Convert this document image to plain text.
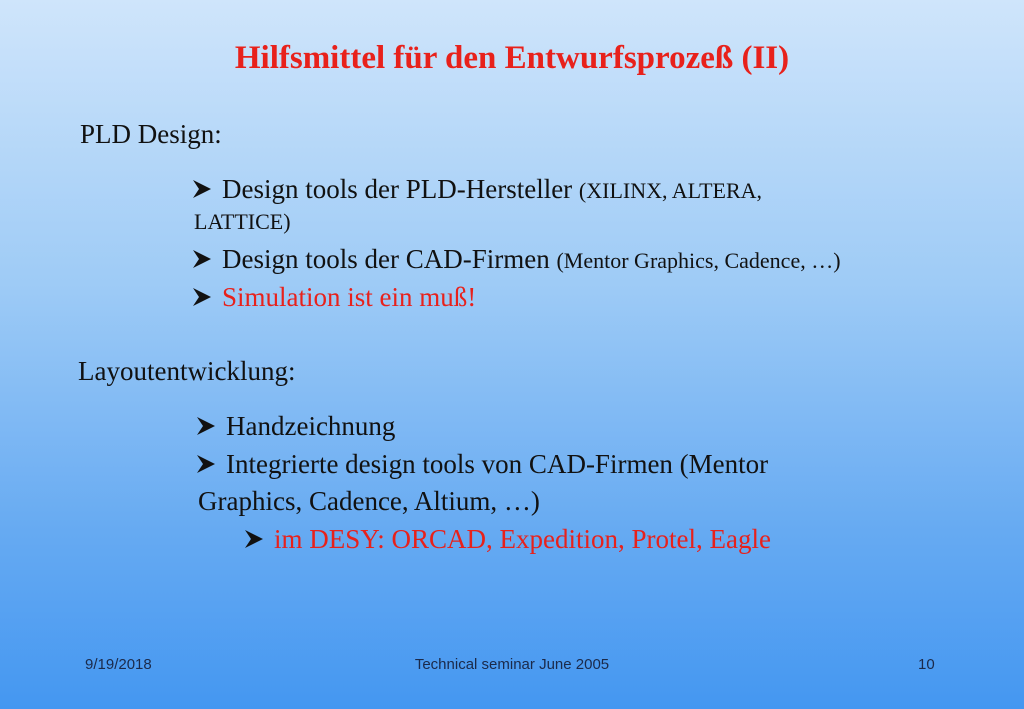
Hilfsmittel für den Entwurfsprozeß (II)
PLD Design:
Design tools der PLD-Hersteller (XILINX, ALTERA,
LATTICE)
Design tools der CAD-Firmen (Mentor Graphics, Cadence, …)
Simulation ist ein muß!
Layoutentwicklung:
Handzeichnung
Integrierte design tools von CAD-Firmen (Mentor
Graphics, Cadence, Altium, …)
im DESY: ORCAD, Expedition, Protel, Eagle
9/19/2018	Technical seminar June 2005	10
